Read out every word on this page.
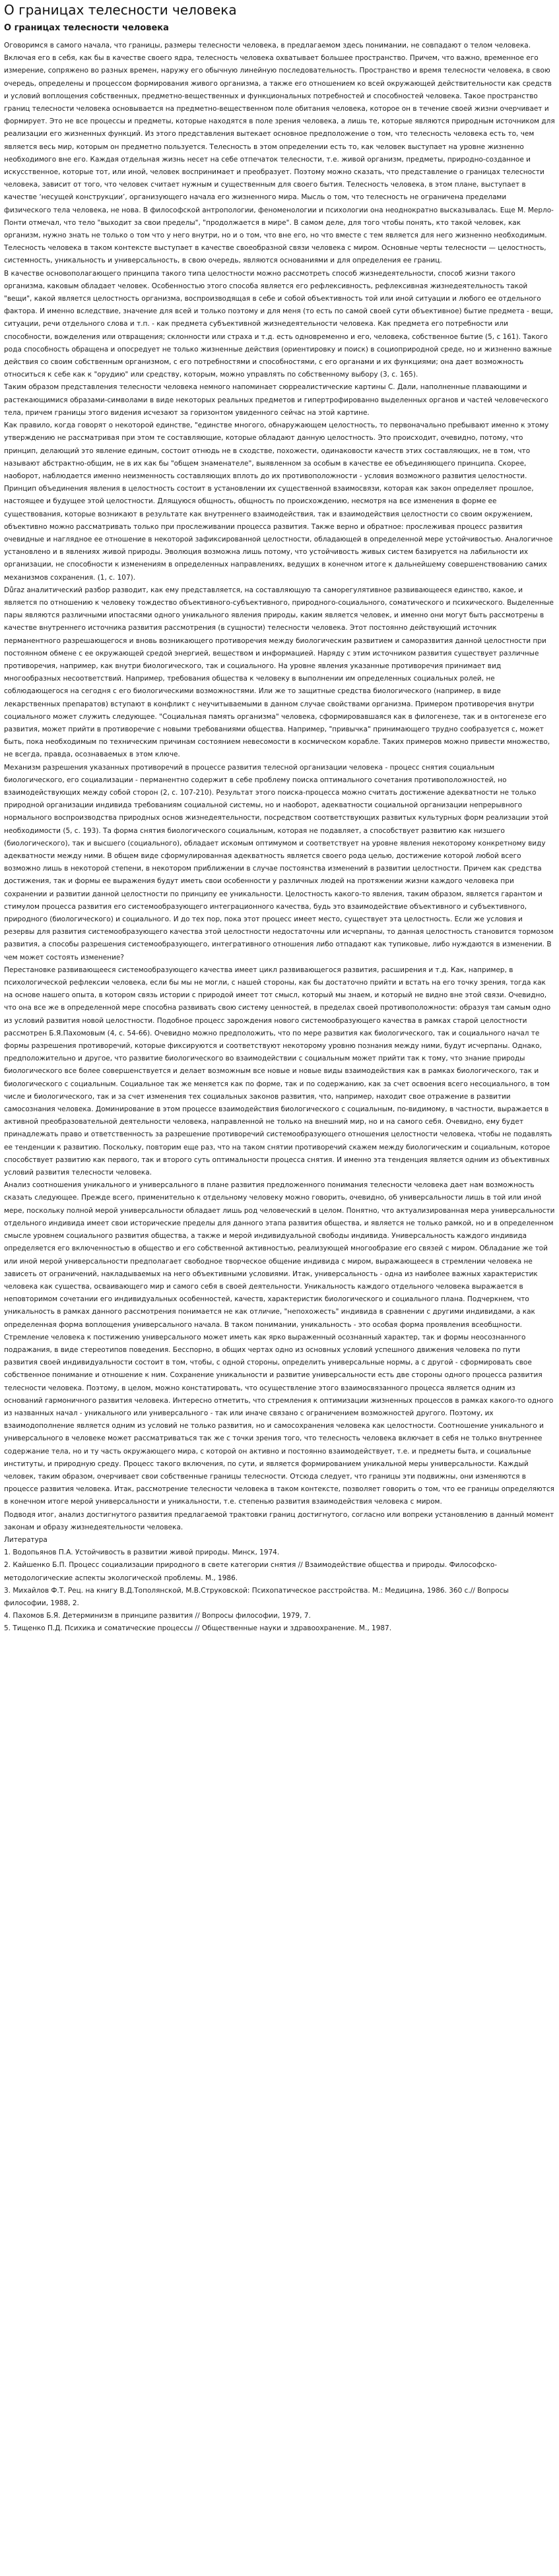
О границах телесности человека
О границах телесности человека

Оговоримся в самого начала, что границы, размеры телесности человека, в предлагаемом здесь понимании, не совпадают о телом человека. Включая его в себя, как бы в качестве своего ядра, телесность человека охватывает большее пространство. Причем, что важно, временное его измерение, сопряжено во разных времен, наружу его обычную линейную последовательность. Пространство и время телесности человека, в свою очередь, определены и процессом формирования живого организма, а также его отношением ко всей окружающей действительности как средств и условий воплощения собственных, предметно-вещественных и функциональных потребностей и способностей человека. Такое пространство границ телесности человека основывается на предметно-вещественном поле обитания человека, которое он в течение своей жизни очерчивает и формирует. Это не все процессы и предметы, которые находятся в поле зрения человека, а лишь те, которые являются природным источником для реализации его жизненных функций. Из этого представления вытекает основное предположение о том, что телесность человека есть то, чем является весь мир, которым он предметно пользуется. Телесность в этом определении есть то, как человек выступает на уровне жизненно необходимого вне его. Каждая отдельная жизнь несет на себе отпечаток телесности, т.е. живой организм, предметы, природно-созданное и искусственное, которые тот, или иной, человек воспринимает и преобразует. Поэтому можно сказать, что представление о границах телесности человека, зависит от того, что человек считает нужным и существенным для своего бытия. Телесность человека, в этом плане, выступает в качестве ‘несущей конструкции’, организующего начала его жизненного мира. Мысль о том, что телесность не ограничена пределами физического тела человека, не нова. В философской антропологии, феноменологии и психологии она неоднократно высказывалась. Еще М. Мерло-Понти отмечал, что тело "выходит за свои пределы", "продолжается в мире". В самом деле, для того чтобы понять, кто такой человек, как организм, нужно знать не только о том что у него внутри, но и о том, что вне его, но что вместе с тем является для него жизненно необходимым. Телесность человека в таком контексте выступает в качестве своеобразной связи человека с миром. Основные черты телесности — целостность, системность, уникальность и универсальность, в свою очередь, являются основаниями и для определения ее границ.

В качестве основополагающего принципа такого типа целостности можно рассмотреть способ жизнедеятельности, способ жизни такого организма, каковым обладает человек. Особенностью этого способа является его рефлексивность, рефлексивная жизнедеятельность такой "вещи", какой является целостность организма, воспроизводящая в себе и собой объективность той или иной ситуации и любого ее отдельного фактора. И именно вследствие, значение для всей и только поэтому и для меня (то есть по самой своей сути объективное) бытие предмета - вещи, ситуации, речи отдельного слова и т.п. - как предмета субъективной жизнедеятельности человека. Как предмета его потребности или способности, вожделения или отвращения; склонности или страха и т.д. есть одновременно и его, человека, собственное бытие (5, с 161). Такого рода способность обращена и опосредует не только жизненные действия (ориентировку и поиск) в социоприродной среде, но и жизненно важные действия со своим собственным организмом, с его потребностями и способностями, с его органами и их функциями; она дает возможность относиться к себе как к "орудию" или средству, которым, можно управлять по собственному выбору (3, с. 165).

Таким образом представления телесности человека немного напоминает сюрреалистические картины С. Дали, наполненные плавающими и растекающимися образами-символами в виде некоторых реальных предметов и гипертрофированно выделенных органов и частей человеческого тела, причем границы этого видения исчезают за горизонтом увиденного сейчас на этой картине.

Как правило, когда говорят о некоторой единстве, "единстве многого, обнаружающем целостность, то первоначально пребывают именно к этому утверждению не рассматривая при этом те составляющие, которые обладают данную целостность. Это происходит, очевидно, потому, что принцип, делающий это явление единым, состоит отнюдь не в сходстве, похожести, одинаковости качеств этих составляющих, не в том, что называют абстрактно-общим, не в их как бы "общем знаменателе", выявленном за особым в качестве ее объединяющего принципа. Скорее, наоборот, наблюдается именно неизменность составляющих вплоть до их противоположности - условия возможного развития целостности. Принцип объединения явления в целостность состоит в установлении их существенной взаимосвязи, которая как закон определяет прошлое, настоящее и будущее этой целостности. Длящуюся общность, общность по происхождению, несмотря на все изменения в форме ее существования, которые возникают в результате как внутреннего взаимодействия, так и взаимодействия целостности со своим окружением, объективно можно рассматривать только при прослеживании процесса развития. Также верно и обратное: прослеживая процесс развития очевидные и наглядное ее отношение в некоторой зафиксированной целостности, обладающей в определенной мере устойчивостью. Аналогичное установлено и в явлениях живой природы. Эволюция возможна лишь потому, что устойчивость живых систем базируется на лабильности их организации, не способности к изменениям в определенных направлениях, ведущих в конечном итоге к дальнейшему совершенствованию самих механизмов сохранения. (1, с. 107).

Důraz аналитический разбор разводит, как ему представляется, на составляющую та саморегулятивное развивающееся единство, какое, и является по отношению к человеку тождество объективного-субъективного, природного-социального, соматического и психического. Выделенные пары являются различными ипостасями одного уникального явления природы, каким является человек, и именно они могут быть рассмотрены в качестве внутреннего источника развития рассмотрения (в сущности) телесности человека. Этот постоянно действующий источник перманентного разрешающегося и вновь возникающего противоречия между биологическим развитием и саморазвития данной целостности при постоянном обмене с ее окружающей средой энергией, веществом и информацией. Наряду с этим источником развития существует различные противоречия, например, как внутри биологического, так и социального. На уровне явления указанные противоречия принимает вид многообразных несоответствий. Например, требования общества к человеку в выполнении им определенных социальных ролей, не соблюдающегося на сегодня с его биологическими возможностями. Или же то защитные средства биологического (например, в виде лекарственных препаратов) вступают в конфликт с неучитываемыми в данном случае свойствами организма. Примером противоречия внутри социального может служить следующее. "Социальная память организма" человека, сформировавшаяся как в филогенезе, так и в онтогенезе его развития, может прийти в противоречие с новыми требованиями общества. Например, "привычка" принимающего трудно сообразуется с, может быть, пока необходимым по техническим причинам состоянием невесомости в космическом корабле. Таких примеров можно привести множество, не всегда, правда, осознаваемых в этом ключе.

Механизм разрешения указанных противоречий в процессе развития телесной организации человека - процесс снятия социальным биологического, его социализации - перманентно содержит в себе проблему поиска оптимального сочетания противоположностей, но взаимодействующих между собой сторон (2, с. 107-210). Результат этого поиска-процесса можно считать достижение адекватности не только природной организации индивида требованиям социальной системы, но и наоборот, адекватности социальной организации непрерывного нормального воспроизводства природных основ жизнедеятельности, посредством соответствующих развитых культурных форм реализации этой необходимости (5, с. 193). Та форма снятия биологического социальным, которая не подавляет, а способствует развитию как низшего (биологического), так и высшего (социального), обладает искомым оптимумом и соответствует на уровне явления некоторому конкретному виду адекватности между ними. В общем виде сформулированная адекватность является своего рода целью, достижение которой любой всего возможно лишь в некоторой степени, в некотором приближении в случае постоянства изменений в развитии целостности. Причем как средства достижения, так и формы ее выражения будут иметь свои особенности у различных людей на протяжении жизни каждого человека при сохранении и развитии данной целостности по принципу ее уникальности. Целостность какого-то явления, таким образом, является гарантом и стимулом процесса развития его системообразующего интеграционного качества, будь это взаимодействие объективного и субъективного, природного (биологического) и социального. И до тех пор, пока этот процесс имеет место, существует эта целостность. Если же условия и резервы для развития системообразующего качества этой целостности недостаточны или исчерпаны, то данная целостность становится тормозом развития, а способы разрешения системообразующего, интегративного отношения либо отпадают как тупиковые, либо нуждаются в изменении. В чем может состоять изменение?

Перестановке развивающееся системообразующего качества имеет цикл развивающегося развития, расширения и т.д. Как, например, в психологической рефлексии человека, если бы мы не могли, с нашей стороны, как бы достаточно прийти и встать на его точку зрения, тогда как на основе нашего опыта, в котором связь истории с природой имеет тот смысл, который мы знаем, и который не видно вне этой связи. Очевидно, что она все же в определенной мере способна развивать свою систему ценностей, в пределах своей противоположности: образуя там самым одно из условий развития новой целостности. Подобное процесс зарождения нового системообразующего качества в рамках старой целостности рассмотрен Б.Я.Пахомовым (4, с. 54-66). Очевидно можно предположить, что по мере развития как биологического, так и социального начал те формы разрешения противоречий, которые фиксируются и соответствуют некоторому уровню познания между ними, будут исчерпаны. Однако, предположительно и другое, что развитие биологического во взаимодействии с социальным может прийти так к тому, что знание природы биологического все более совершенствуется и делает возможным все новые и новые виды взаимодействия как в рамках биологического, так и биологического с социальным. Социальное так же меняется как по форме, так и по содержанию, как за счет освоения всего несоциального, в том числе и биологического, так и за счет изменения тех социальных законов развития, что, например, находит свое отражение в развитии самосознания человека. Доминирование в этом процессе взаимодействия биологического с социальным, по-видимому, в частности, выражается в активной преобразовательной деятельности человека, направленной не только на внешний мир, но и на самого себя. Очевидно, ему будет принадлежать право и ответственность за разрешение противоречий системообразующего отношения целостности человека, чтобы не подавлять ее тенденции к развитию. Поскольку, повторим еще раз, что на таком снятии противоречий скажем между биологическим и социальным, которое способствует развитию как первого, так и второго суть оптимальности процесса снятия. И именно эта тенденция является одним из объективных условий развития телесности человека.

Анализ соотношения уникального и универсального в плане развития предложенного понимания телесности человека дает нам возможность сказать следующее. Прежде всего, применительно к отдельному человеку можно говорить, очевидно, об универсальности лишь в той или иной мере, поскольку полной мерой универсальности обладает лишь род человеческий в целом. Понятно, что актуализированная мера универсальности отдельного индивида имеет свои исторические пределы для данного этапа развития общества, и является не только рамкой, но и в определенном смысле уровнем социального развития общества, а также и мерой индивидуальной свободы индивида. Универсальность каждого индивида определяется его включенностью в общество и его собственной активностью, реализующей многообразие его связей с миром. Обладание же той или иной мерой универсальности предполагает свободное творческое общение индивида с миром, выражающееся в стремлении человека не зависеть от ограничений, накладываемых на него объективными условиями. Итак, универсальность - одна из наиболее важных характеристик человека как существа, осваивающего мир и самого себя в своей деятельности. Уникальность каждого отдельного человека выражается в неповторимом сочетании его индивидуальных особенностей, качеств, характеристик биологического и социального плана. Подчеркнем, что уникальность в рамках данного рассмотрения понимается не как отличие, "непохожесть" индивида в сравнении с другими индивидами, а как определенная форма воплощения универсального начала. В таком понимании, уникальность - это особая форма проявления всеобщности. Стремление человека к постижению универсального может иметь как ярко выраженный осознанный характер, так и формы неосознанного подражания, в виде стереотипов поведения. Бесспорно, в общих чертах одно из основных условий успешного движения человека по пути развития своей индивидуальности состоит в том, чтобы, с одной стороны, определить универсальные нормы, а с другой - сформировать свое собственное понимание и отношение к ним. Сохранение уникальности и развитие универсальности есть две стороны одного процесса развития телесности человека. Поэтому, в целом, можно констатировать, что осуществление этого взаимосвязанного процесса является одним из оснований гармоничного развития человека. Интересно отметить, что стремления к оптимизации жизненных процессов в рамках какого-то одного из названных начал - уникального или универсального - так или иначе связано с ограничением возможностей другого. Поэтому, их взаимодополнение является одним из условий не только развития, но и самосохранения человека как целостности. Соотношение уникального и универсального в человеке может рассматриваться так же с точки зрения того, что телесность человека включает в себя не только внутреннее содержание тела, но и ту часть окружающего мира, с которой он активно и постоянно взаимодействует, т.е. и предметы быта, и социальные институты, и природную среду. Процесс такого включения, по сути, и является формированием уникальной меры универсальности. Каждый человек, таким образом, очерчивает свои собственные границы телесности. Отсюда следует, что границы эти подвижны, они изменяются в процессе развития человека. Итак, рассмотрение телесности человека в таком контексте, позволяет говорить о том, что ее границы определяются в конечном итоге мерой универсальности и уникальности, т.е. степенью развития взаимодействия человека с миром.

Подводя итог, анализ достигнутого развития предлагаемой трактовки границ достигнутого, согласно или вопреки установлению в данный момент законам и образу жизнедеятельности человека.

Литература

1. Водопьянов П.А. Устойчивость в развитии живой природы. Минск, 1974.

2. Кайшенко Б.П. Процесс социализации природного в свете категории снятия // Взаимодействие общества и природы. Философско-методологические аспекты экологической проблемы. М., 1986.

3. Михайлов Ф.Т. Рец. на книгу В.Д.Тополянской, М.В.Струковской: Психопатическое расстройства. М.: Медицина, 1986. 360 с.// Вопросы философии, 1988, 2.

4. Пахомов Б.Я. Детерминизм в принципе развития // Вопросы философии, 1979, 7.

5. Тищенко П.Д. Психика и соматические процессы // Общественные науки и здравоохранение. М., 1987.
